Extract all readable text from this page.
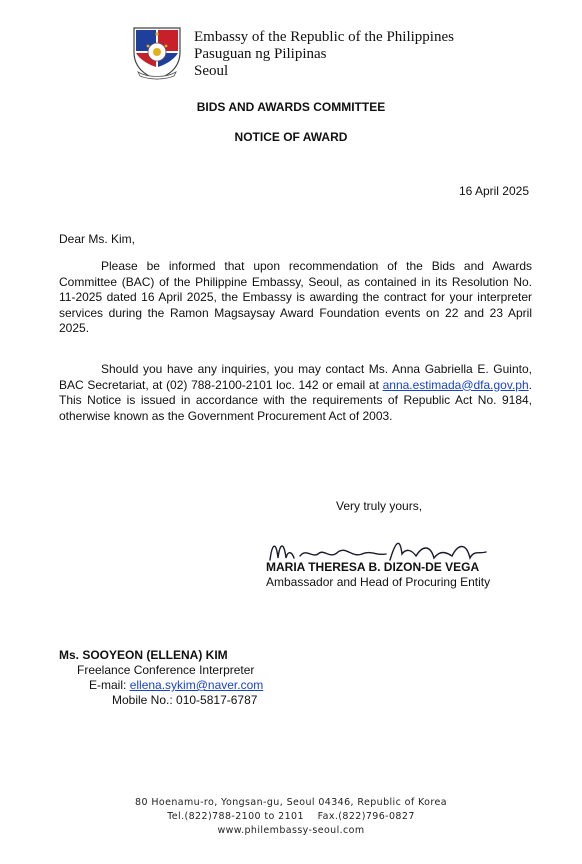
Embassy of the Republic of the Philippines
Pasuguan ng Pilipinas
Seoul
BIDS AND AWARDS COMMITTEE
NOTICE OF AWARD
16 April 2025
Dear Ms. Kim,
Please be informed that upon recommendation of the Bids and Awards Committee (BAC) of the Philippine Embassy, Seoul, as contained in its Resolution No. 11-2025 dated 16 April 2025, the Embassy is awarding the contract for your interpreter services during the Ramon Magsaysay Award Foundation events on 22 and 23 April 2025.
Should you have any inquiries, you may contact Ms. Anna Gabriella E. Guinto, BAC Secretariat, at (02) 788-2100-2101 loc. 142 or email at anna.estimada@dfa.gov.ph. This Notice is issued in accordance with the requirements of Republic Act No. 9184, otherwise known as the Government Procurement Act of 2003.
Very truly yours,
MARIA THERESA B. DIZON-DE VEGA
Ambassador and Head of Procuring Entity
Ms. SOOYEON (ELLENA) KIM
Freelance Conference Interpreter
E-mail: ellena.sykim@naver.com
Mobile No.: 010-5817-6787
80 Hoenamu-ro, Yongsan-gu, Seoul 04346, Republic of Korea
Tel.(822)788-2100 to 2101    Fax.(822)796-0827
www.philembassy-seoul.com
